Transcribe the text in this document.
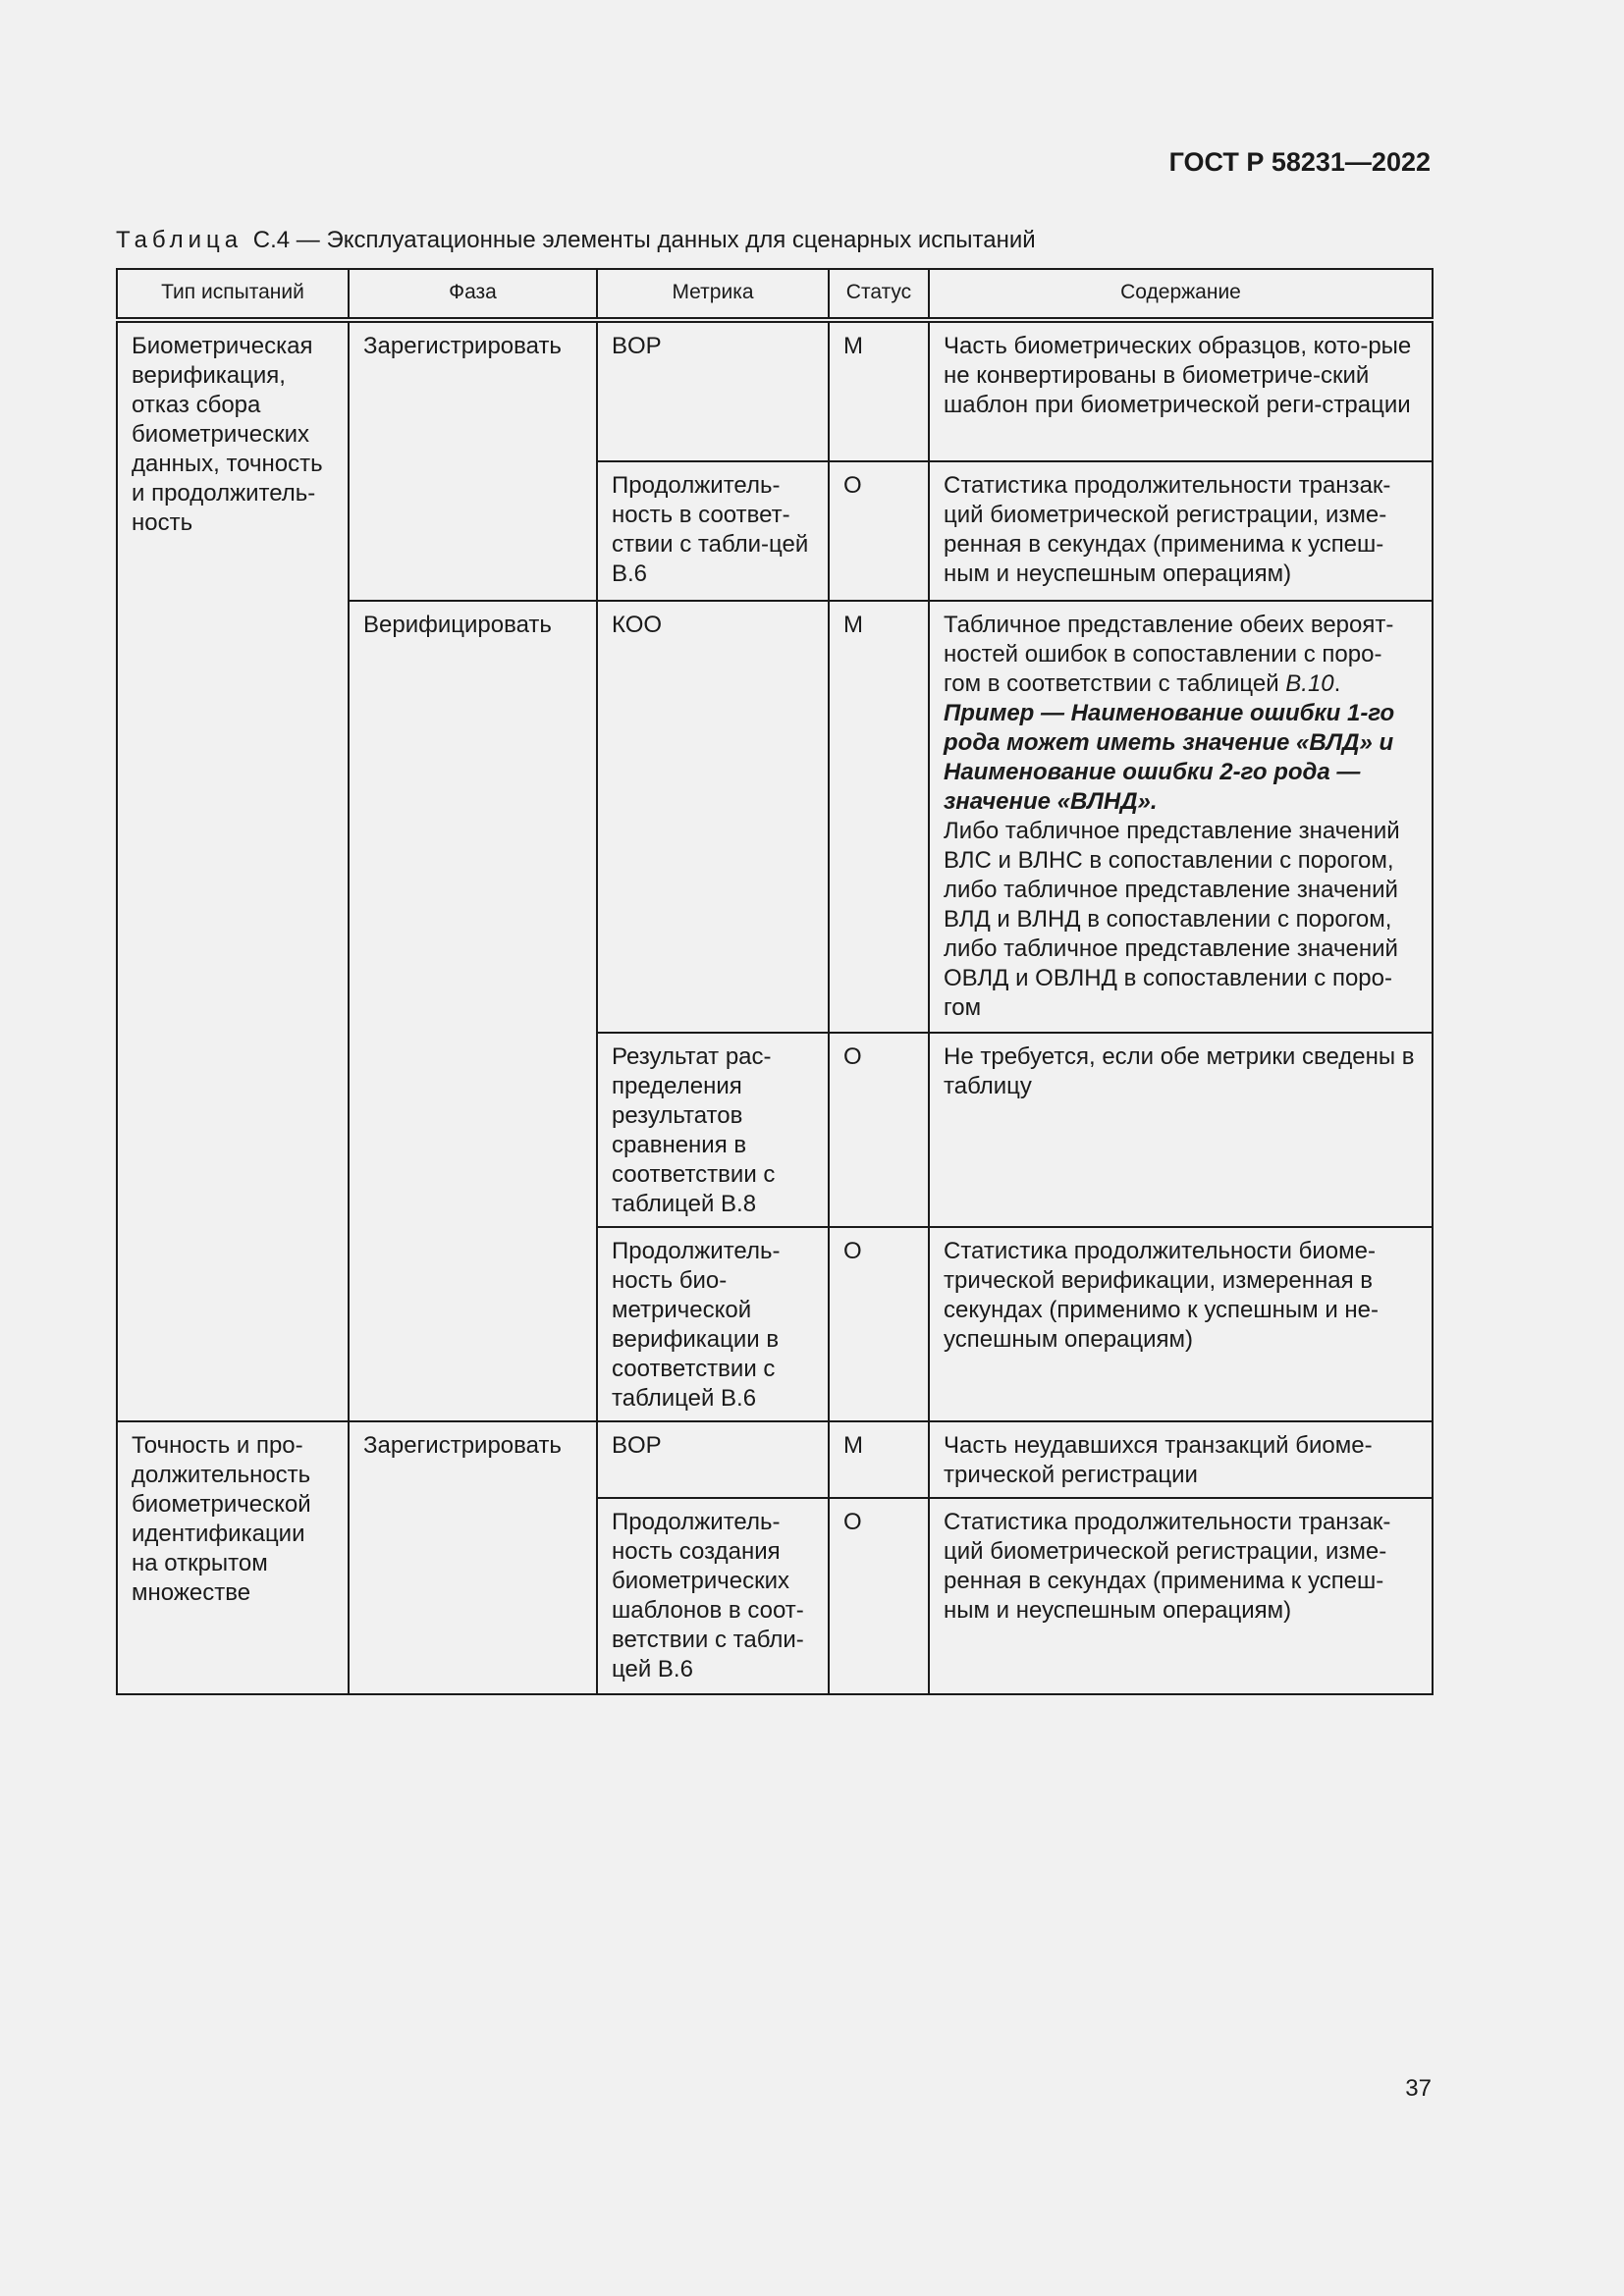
ГОСТ Р 58231—2022
Таблица С.4 — Эксплуатационные элементы данных для сценарных испытаний
Тип испытаний	Фаза	Метрика	Статус	Содержание
Биометрическая верификация, отказ сбора биометрических данных, точность и продолжитель-ность	Зарегистрировать	BOP	M	Часть биометрических образцов, кото-рые не конвертированы в биометриче-ский шаблон при биометрической реги-страции
		Продолжитель-ность в соответ-ствии с табли-цей В.6	O	Статистика продолжительности транзак-ций биометрической регистрации, изме-ренная в секундах (применима к успеш-ным и неуспешным операциям)
	Верифицировать	КОО	M	Табличное представление обеих вероят-ностей ошибок в сопоставлении с поро-гом в соответствии с таблицей В.10.
Пример — Наименование ошибки 1-го рода может иметь значение «ВЛД» и Наименование ошибки 2-го рода — значение «ВЛНД».
Либо табличное представление значений ВЛС и ВЛНС в сопоставлении с порогом, либо табличное представление значений ВЛД и ВЛНД в сопоставлении с порогом, либо табличное представление значений ОВЛД и ОВЛНД в сопоставлении с поро-гом

		Результат рас-пределения результатов сравнения в соответствии с таблицей В.8	O	Не требуется, если обе метрики сведены в таблицу
		Продолжитель-ность био-метрической верификации в соответствии с таблицей В.6	O	Статистика продолжительности биоме-трической верификации, измеренная в секундах (применимо к успешным и не-успешным операциям)
Точность и про-должительность биометрической идентификации на открытом множестве	Зарегистрировать	BOP	M	Часть неудавшихся транзакций биоме-трической регистрации
		Продолжитель-ность создания биометрических шаблонов в соот-ветствии с табли-цей В.6	O	Статистика продолжительности транзак-ций биометрической регистрации, изме-ренная в секундах (применима к успеш-ным и неуспешным операциям)
37
